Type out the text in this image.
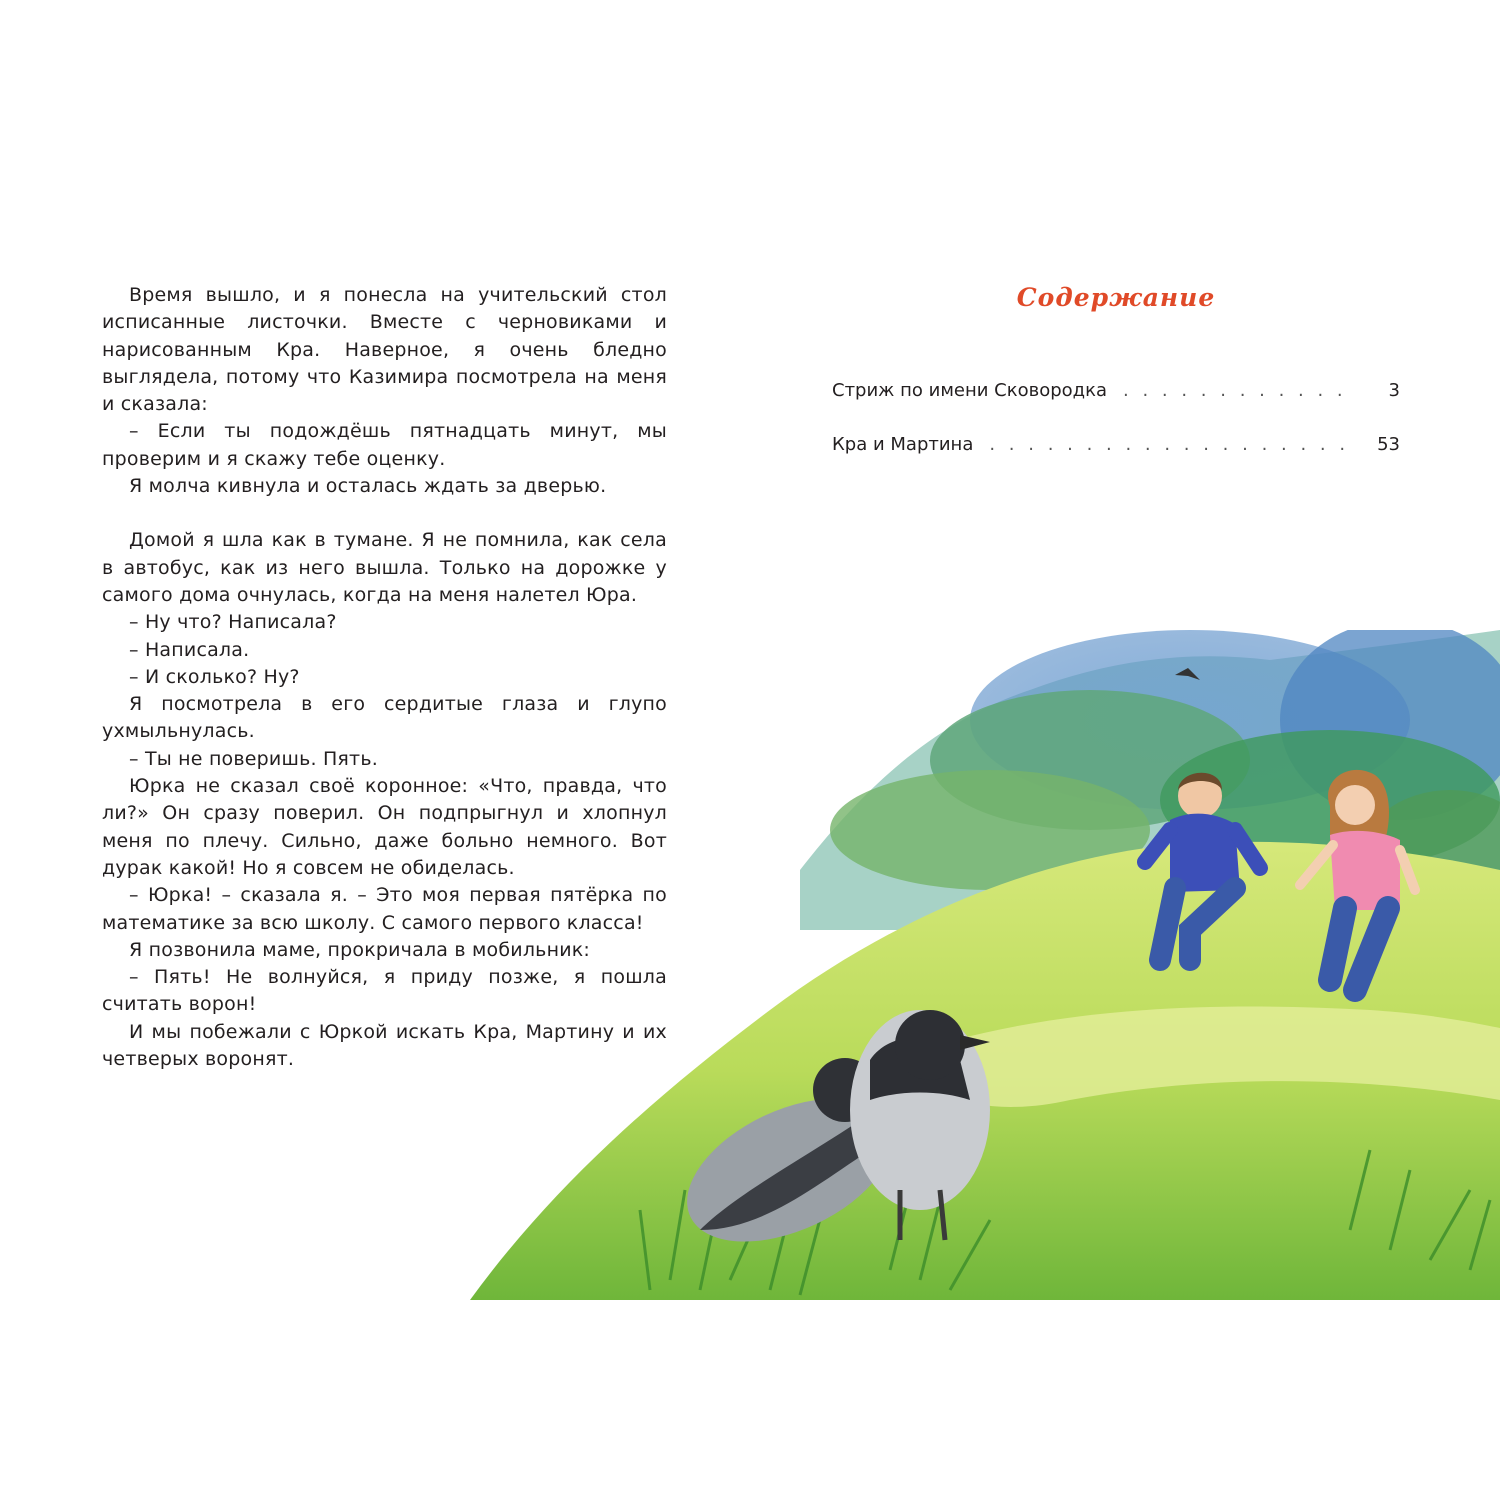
Время вышло, и я понесла на учительский стол исписанные листочки. Вместе с черновиками и нарисованным Кра. Наверное, я очень бледно выглядела, потому что Казимира посмотрела на меня и сказала:

– Если ты подождёшь пятнадцать минут, мы проверим и я скажу тебе оценку.

Я молча кивнула и осталась ждать за дверью.

Домой я шла как в тумане. Я не помнила, как села в автобус, как из него вышла. Только на дорожке у самого дома очнулась, когда на меня налетел Юра.

– Ну что? Написала?

– Написала.

– И сколько? Ну?

Я посмотрела в его сердитые глаза и глупо ухмыльнулась.

– Ты не поверишь. Пять.

Юрка не сказал своё коронное: «Что, правда, что ли?» Он сразу поверил. Он подпрыгнул и хлопнул меня по плечу. Сильно, даже больно немного. Вот дурак какой! Но я совсем не обиделась.

– Юрка! – сказала я. – Это моя первая пятёрка по математике за всю школу. С самого первого класса!

Я позвонила маме, прокричала в мобильник:

– Пять! Не волнуйся, я приду позже, я пошла считать ворон!

И мы побежали с Юркой искать Кра, Мартину и их четверых воронят.

Содержание
Стриж по имени Сковородка . . .	3
Кра и Мартина . . .	53
